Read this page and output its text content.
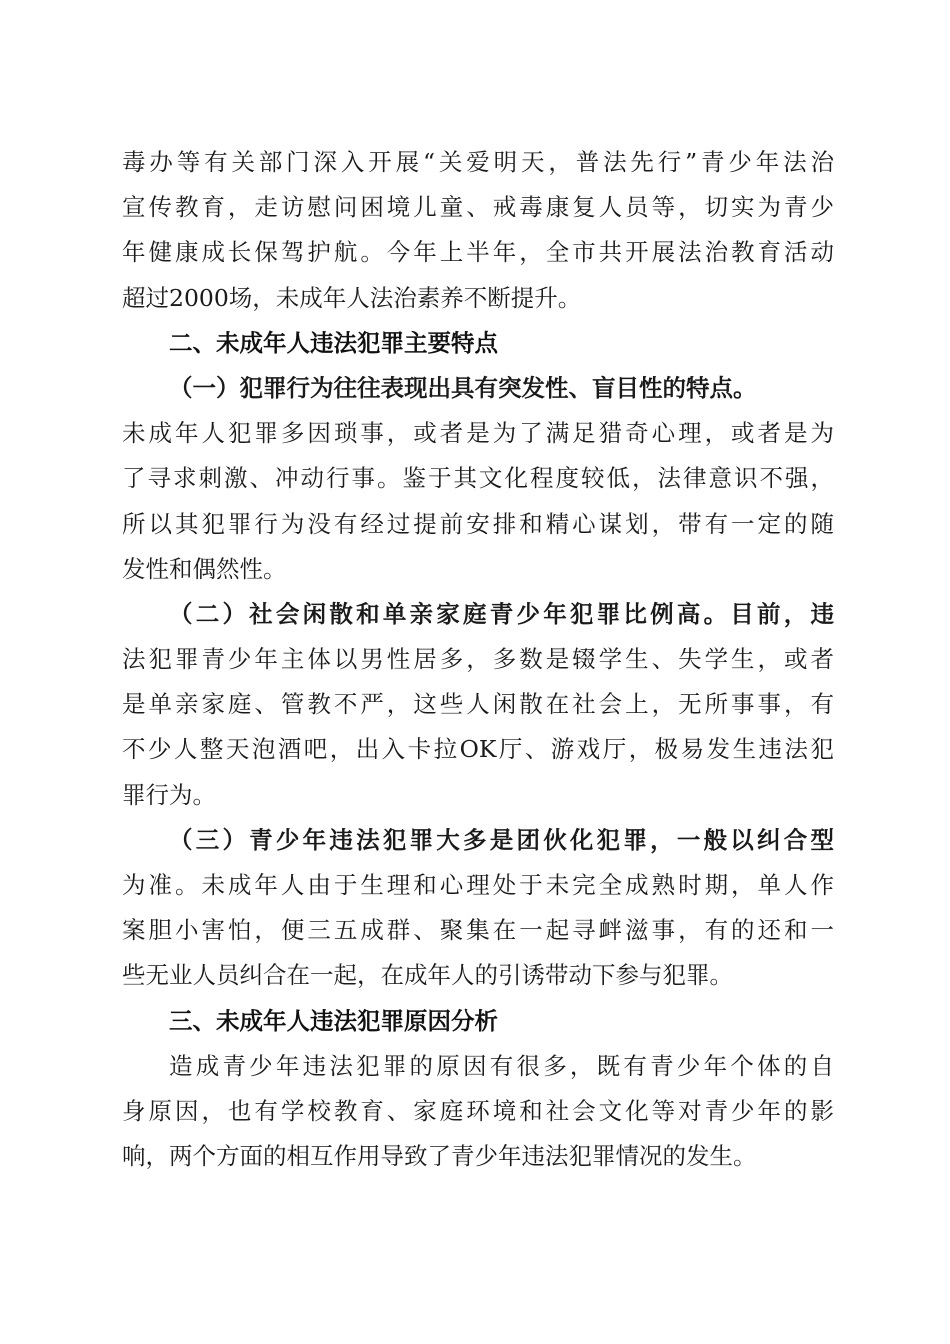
毒办等有关部门深入开展“关爱明天，普法先行”青少年法治
宣传教育，走访慰问困境儿童、戒毒康复人员等，切实为青少
年健康成长保驾护航。今年上半年，全市共开展法治教育活动
超过2000场，未成年人法治素养不断提升。
二、未成年人违法犯罪主要特点
（一）犯罪行为往往表现出具有突发性、盲目性的特点。
未成年人犯罪多因琐事，或者是为了满足猎奇心理，或者是为
了寻求刺激、冲动行事。鉴于其文化程度较低，法律意识不强，
所以其犯罪行为没有经过提前安排和精心谋划，带有一定的随
发性和偶然性。
（二）社会闲散和单亲家庭青少年犯罪比例高。目前，违
法犯罪青少年主体以男性居多，多数是辍学生、失学生，或者
是单亲家庭、管教不严，这些人闲散在社会上，无所事事，有
不少人整天泡酒吧，出入卡拉OK厅、游戏厅，极易发生违法犯
罪行为。
（三）青少年违法犯罪大多是团伙化犯罪，一般以纠合型
为准。未成年人由于生理和心理处于未完全成熟时期，单人作
案胆小害怕，便三五成群、聚集在一起寻衅滋事，有的还和一
些无业人员纠合在一起，在成年人的引诱带动下参与犯罪。
三、未成年人违法犯罪原因分析
造成青少年违法犯罪的原因有很多，既有青少年个体的自
身原因，也有学校教育、家庭环境和社会文化等对青少年的影
响，两个方面的相互作用导致了青少年违法犯罪情况的发生。
